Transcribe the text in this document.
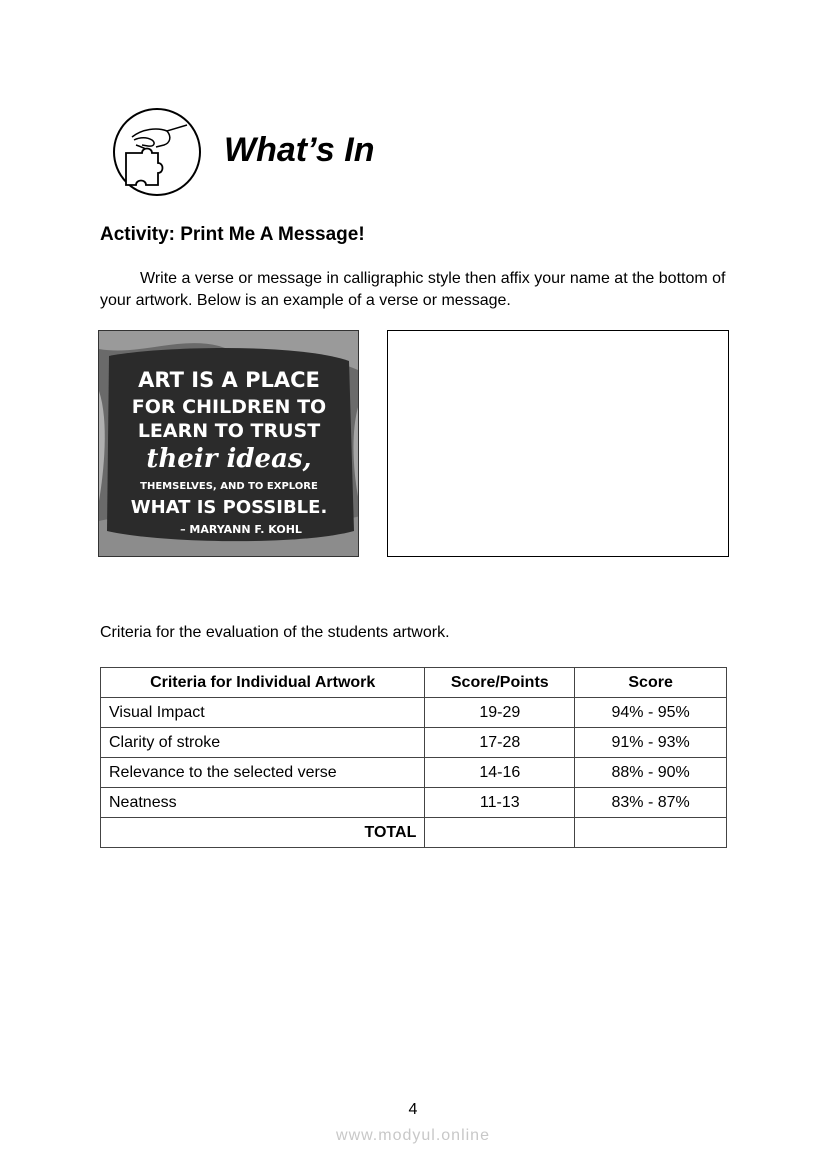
What’s In
Activity: Print Me A Message!

Write a verse or message in calligraphic style then affix your name at the bottom of your artwork. Below is an example of a verse or message.

ART IS A PLACE
FOR CHILDREN TO
LEARN TO TRUST
their ideas,
THEMSELVES, AND TO EXPLORE
WHAT IS POSSIBLE.
– MARYANN F. KOHL
Criteria for the evaluation of the students artwork.
Criteria for Individual Artwork	Score/Points	Score
Visual Impact	19-29	94% - 95%
Clarity of stroke	17-28	91% - 93%
Relevance to the selected verse	14-16	88% - 90%
Neatness	11-13	83% - 87%
TOTAL		
4
www.modyul.online
